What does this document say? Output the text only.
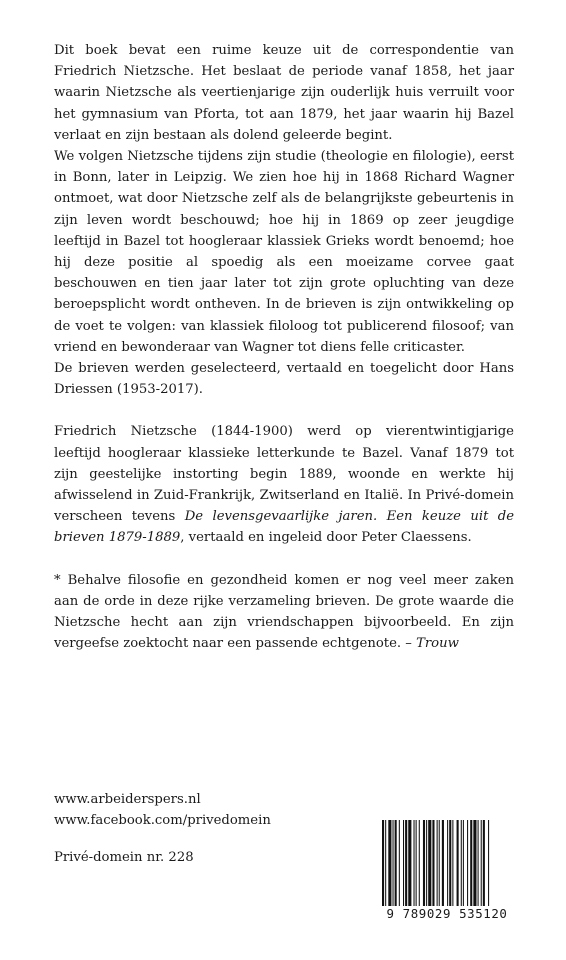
Dit boek bevat een ruime keuze uit de correspondentie van Friedrich Nietzsche. Het beslaat de periode vanaf 1858, het jaar waarin Nietzsche als veertienjarige zijn ouderlijk huis verruilt voor het gymnasium van Pforta, tot aan 1879, het jaar waarin hij Bazel verlaat en zijn bestaan als dolend geleerde begint.

We volgen Nietzsche tijdens zijn studie (theologie en filologie), eerst in Bonn, later in Leipzig. We zien hoe hij in 1868 Richard Wagner ontmoet, wat door Nietzsche zelf als de belangrijkste gebeurtenis in zijn leven wordt beschouwd; hoe hij in 1869 op zeer jeugdige leeftijd in Bazel tot hoogleraar klassiek Grieks wordt benoemd; hoe hij deze positie al spoedig als een moeizame corvee gaat beschouwen en tien jaar later tot zijn grote opluchting van deze beroepsplicht wordt ontheven. In de brieven is zijn ontwikkeling op de voet te volgen: van klassiek filoloog tot publicerend filosoof; van vriend en bewonderaar van Wagner tot diens felle criticaster.

De brieven werden geselecteerd, vertaald en toegelicht door Hans Driessen (1953-2017).

Friedrich Nietzsche (1844-1900) werd op vierentwintigjarige leeftijd hoogleraar klassieke letterkunde te Bazel. Vanaf 1879 tot zijn geestelijke instorting begin 1889, woonde en werkte hij afwisselend in Zuid-Frankrijk, Zwitserland en Italië. In Privé-domein verscheen tevens De levensgevaarlijke jaren. Een keuze uit de brieven 1879-1889, vertaald en ingeleid door Peter Claessens.

* Behalve filosofie en gezondheid komen er nog veel meer zaken aan de orde in deze rijke verzameling brieven. De grote waarde die Nietzsche hecht aan zijn vriendschappen bijvoorbeeld. En zijn vergeefse zoektocht naar een passende echtgenote. – Trouw

www.arbeiderspers.nl
www.facebook.com/privedomein
Privé-domein nr. 228
9 789029 535120
